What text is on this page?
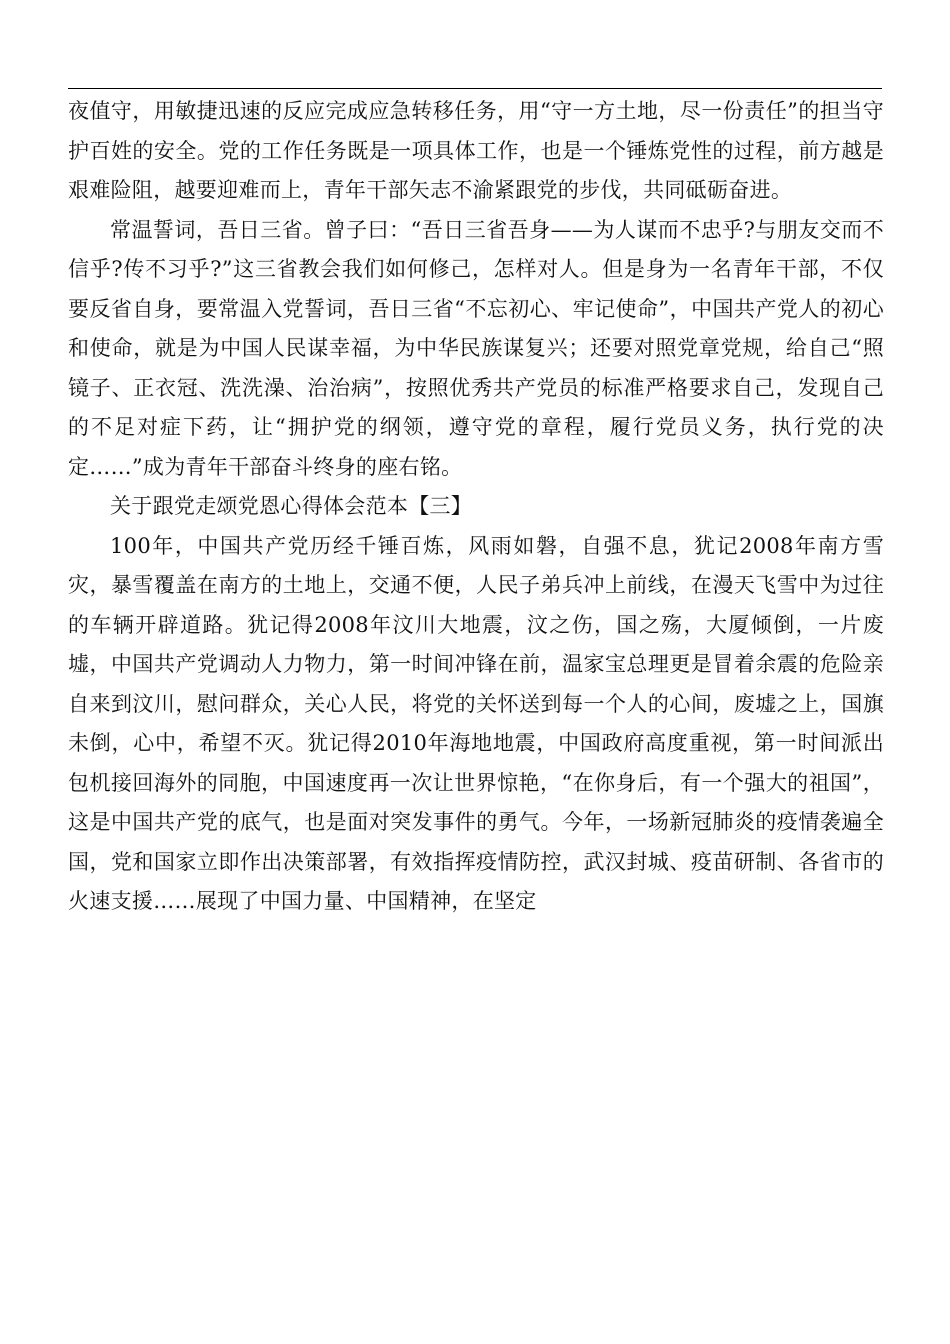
夜值守，用敏捷迅速的反应完成应急转移任务，用“守一方土地，尽一份责任”的担当守护百姓的安全。党的工作任务既是一项具体工作，也是一个锤炼党性的过程，前方越是艰难险阻，越要迎难而上，青年干部矢志不渝紧跟党的步伐，共同砥砺奋进。

常温誓词，吾日三省。曾子曰：“吾日三省吾身——为人谋而不忠乎?与朋友交而不信乎?传不习乎?”这三省教会我们如何修己，怎样对人。但是身为一名青年干部，不仅要反省自身，要常温入党誓词，吾日三省“不忘初心、牢记使命”，中国共产党人的初心和使命，就是为中国人民谋幸福，为中华民族谋复兴；还要对照党章党规，给自己“照镜子、正衣冠、洗洗澡、治治病”，按照优秀共产党员的标准严格要求自己，发现自己的不足对症下药，让“拥护党的纲领，遵守党的章程，履行党员义务，执行党的决定……”成为青年干部奋斗终身的座右铭。

关于跟党走颂党恩心得体会范本【三】

100年，中国共产党历经千锤百炼，风雨如磐，自强不息，犹记2008年南方雪灾，暴雪覆盖在南方的土地上，交通不便，人民子弟兵冲上前线，在漫天飞雪中为过往的车辆开辟道路。犹记得2008年汶川大地震，汶之伤，国之殇，大厦倾倒，一片废墟，中国共产党调动人力物力，第一时间冲锋在前，温家宝总理更是冒着余震的危险亲自来到汶川，慰问群众，关心人民，将党的关怀送到每一个人的心间，废墟之上，国旗未倒，心中，希望不灭。犹记得2010年海地地震，中国政府高度重视，第一时间派出包机接回海外的同胞，中国速度再一次让世界惊艳，“在你身后，有一个强大的祖国”，这是中国共产党的底气，也是面对突发事件的勇气。今年，一场新冠肺炎的疫情袭遍全国，党和国家立即作出决策部署，有效指挥疫情防控，武汉封城、疫苗研制、各省市的火速支援……展现了中国力量、中国精神，在坚定
